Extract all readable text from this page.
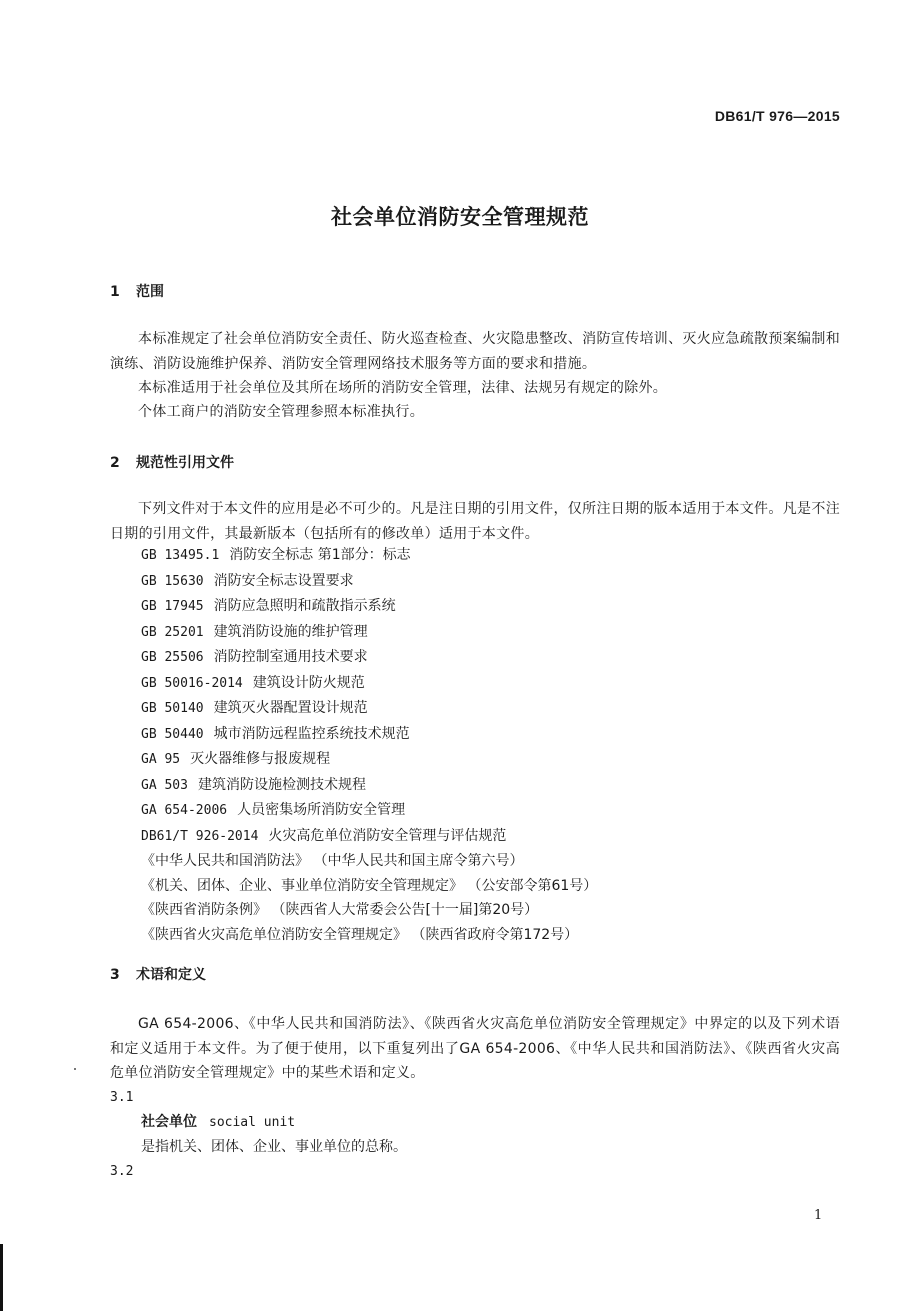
DB61/T 976—2015
社会单位消防安全管理规范
1 范围
本标准规定了社会单位消防安全责任、防火巡查检查、火灾隐患整改、消防宣传培训、灭火应急疏散预案编制和演练、消防设施维护保养、消防安全管理网络技术服务等方面的要求和措施。
本标准适用于社会单位及其所在场所的消防安全管理，法律、法规另有规定的除外。
个体工商户的消防安全管理参照本标准执行。
2 规范性引用文件
下列文件对于本文件的应用是必不可少的。凡是注日期的引用文件，仅所注日期的版本适用于本文件。凡是不注日期的引用文件，其最新版本（包括所有的修改单）适用于本文件。
GB 13495.1 消防安全标志 第1部分：标志
GB 15630 消防安全标志设置要求
GB 17945 消防应急照明和疏散指示系统
GB 25201 建筑消防设施的维护管理
GB 25506 消防控制室通用技术要求
GB 50016-2014 建筑设计防火规范
GB 50140 建筑灭火器配置设计规范
GB 50440 城市消防远程监控系统技术规范
GA 95 灭火器维修与报废规程
GA 503 建筑消防设施检测技术规程
GA 654-2006 人员密集场所消防安全管理
DB61/T 926-2014 火灾高危单位消防安全管理与评估规范
《中华人民共和国消防法》 （中华人民共和国主席令第六号）
《机关、团体、企业、事业单位消防安全管理规定》 （公安部令第61号）
《陕西省消防条例》 （陕西省人大常委会公告[十一届]第20号）
《陕西省火灾高危单位消防安全管理规定》 （陕西省政府令第172号）
3 术语和定义
GA 654-2006、《中华人民共和国消防法》、《陕西省火灾高危单位消防安全管理规定》中界定的以及下列术语和定义适用于本文件。为了便于使用，以下重复列出了GA 654-2006、《中华人民共和国消防法》、《陕西省火灾高危单位消防安全管理规定》中的某些术语和定义。
3.1
社会单位 social unit
是指机关、团体、企业、事业单位的总称。
3.2
1
